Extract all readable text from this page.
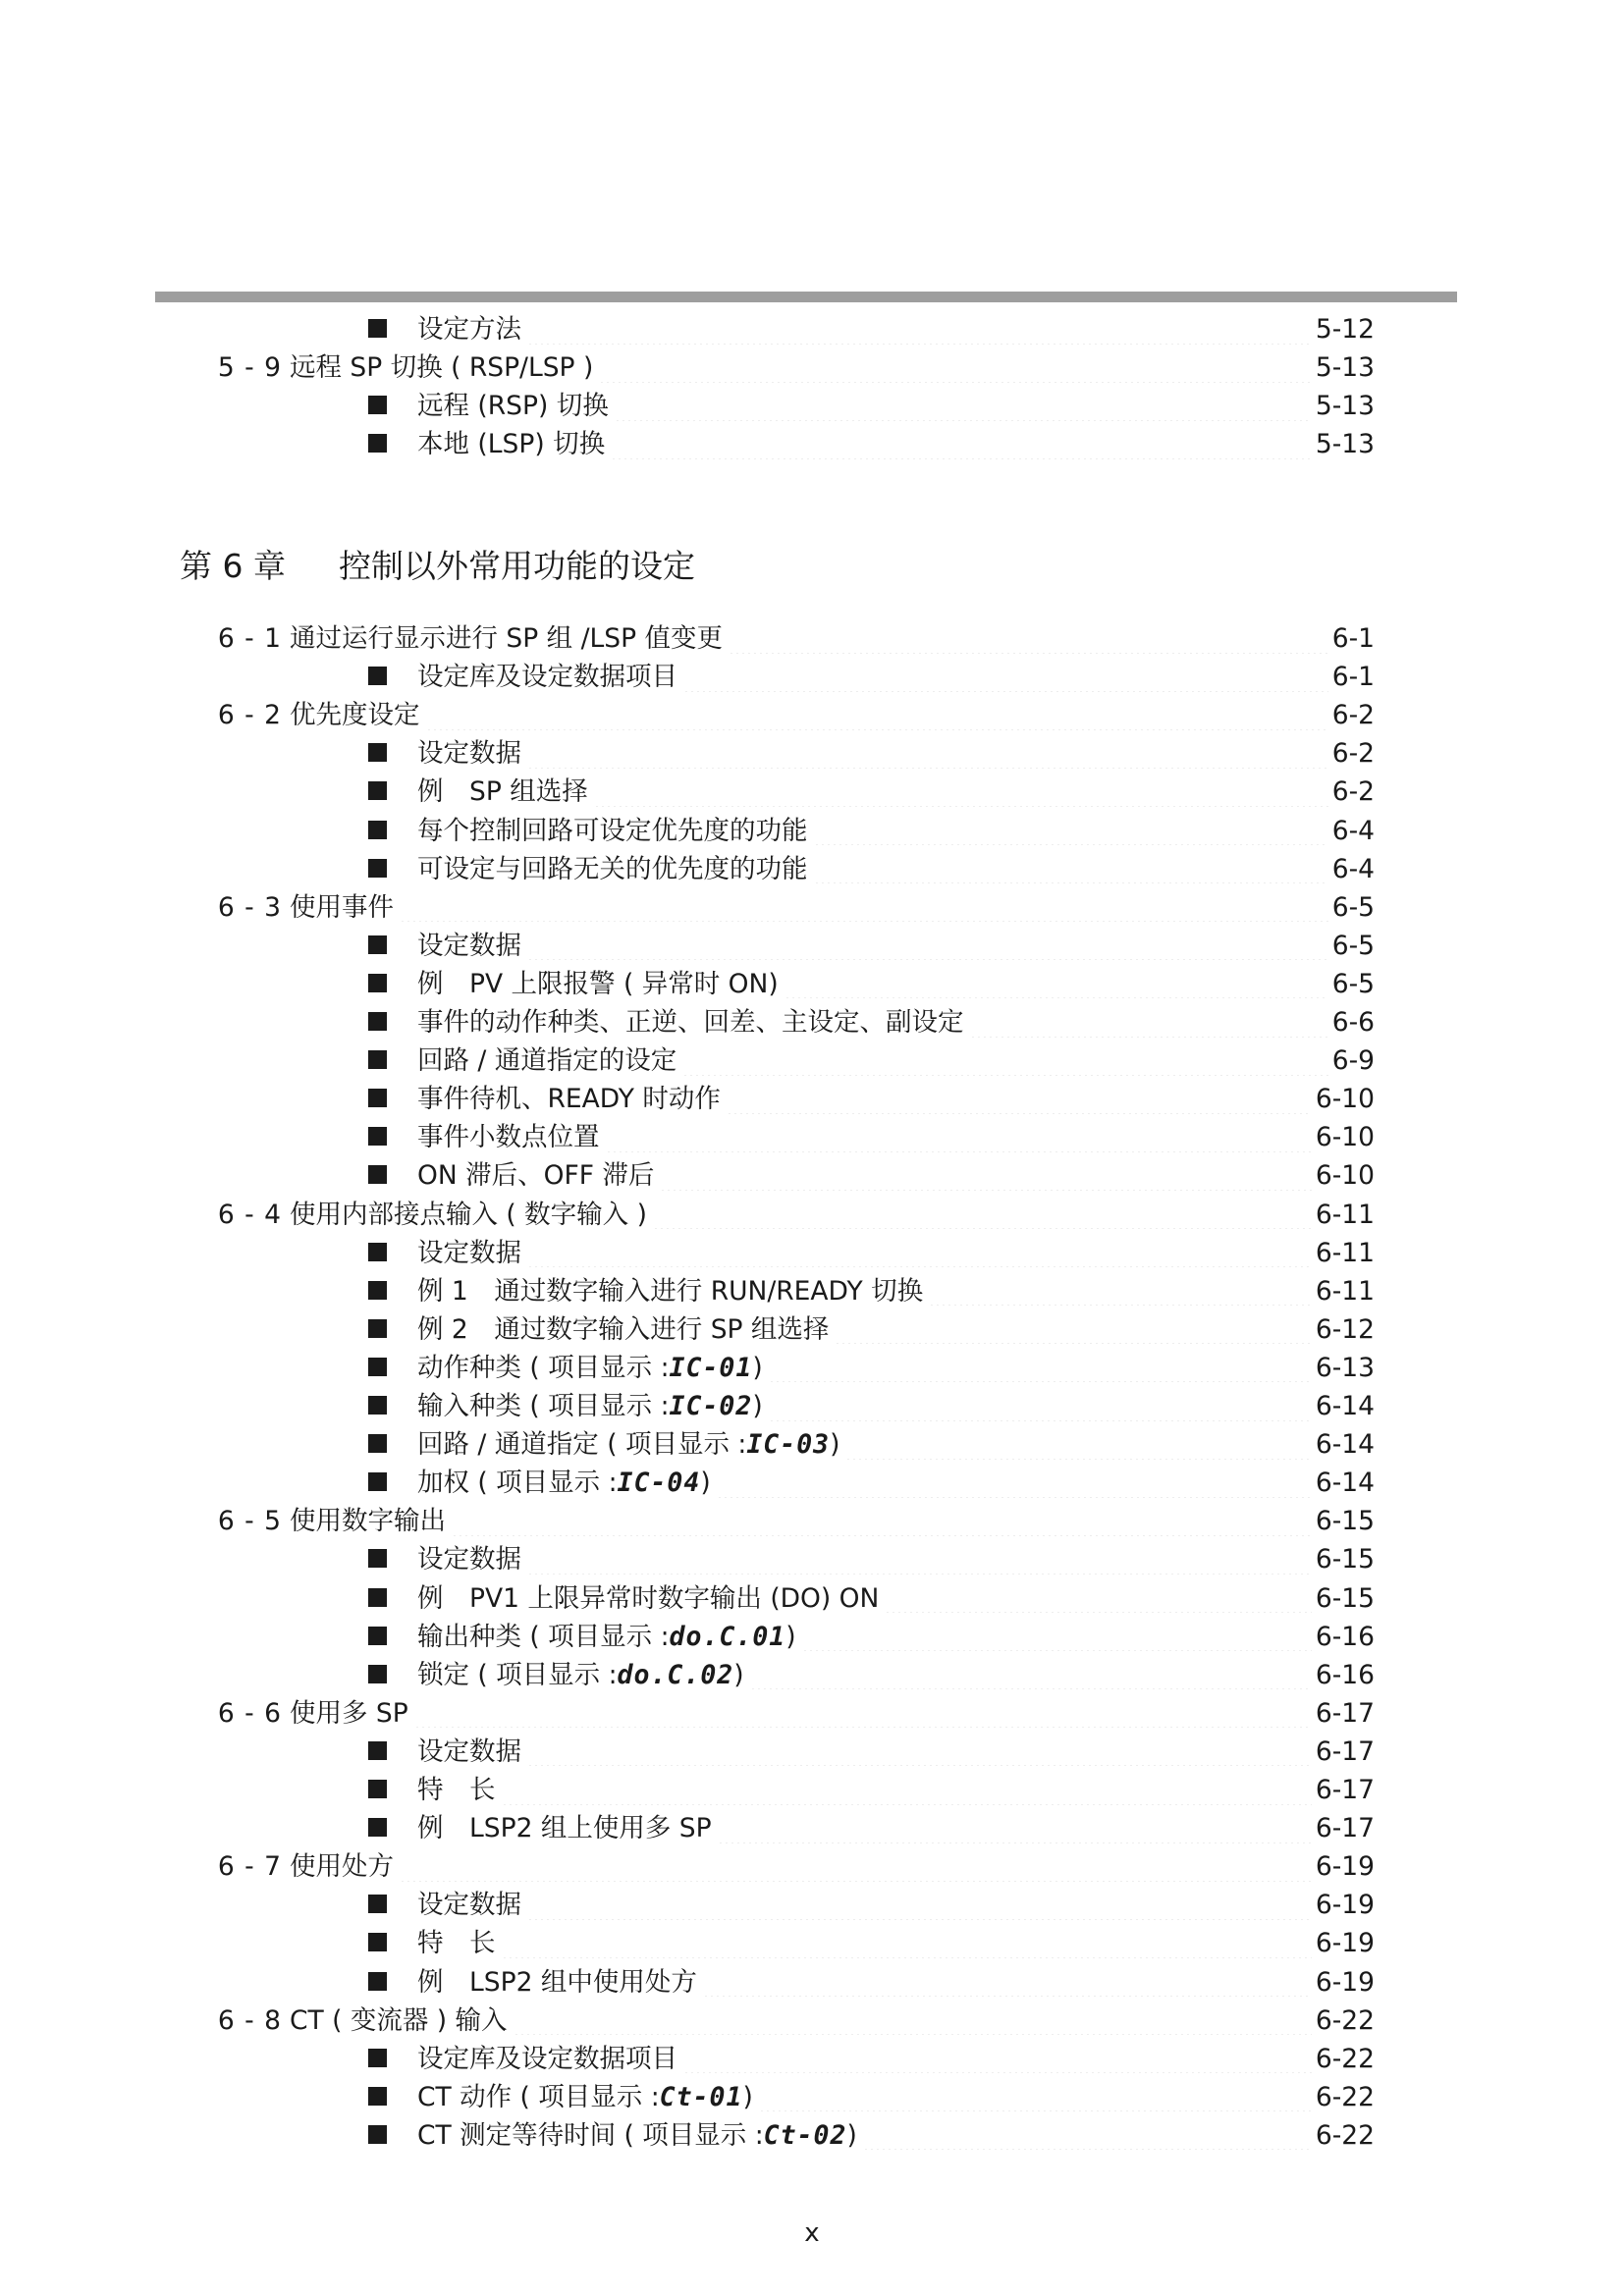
设定方法	5-12
5 - 9 远程 SP 切换 ( RSP/LSP )	5-13
远程 (RSP) 切换	5-13
本地 (LSP) 切换	5-13
6 - 1 通过运行显示进行 SP 组 /LSP 值变更	6-1
设定库及设定数据项目	6-1
6 - 2 优先度设定	6-2
设定数据	6-2
例　SP 组选择	6-2
每个控制回路可设定优先度的功能	6-4
可设定与回路无关的优先度的功能	6-4
6 - 3 使用事件	6-5
设定数据	6-5
例　PV 上限报警 ( 异常时 ON)	6-5
事件的动作种类、正逆、回差、主设定、副设定	6-6
回路 / 通道指定的设定	6-9
事件待机、READY 时动作	6-10
事件小数点位置	6-10
ON 滞后、OFF 滞后	6-10
6 - 4 使用内部接点输入 ( 数字输入 )	6-11
设定数据	6-11
例 1　通过数字输入进行 RUN/READY 切换	6-11
例 2　通过数字输入进行 SP 组选择	6-12
动作种类 ( 项目显示 :IC-01)	6-13
输入种类 ( 项目显示 :IC-02)	6-14
回路 / 通道指定 ( 项目显示 :IC-03)	6-14
加权 ( 项目显示 :IC-04)	6-14
6 - 5 使用数字输出	6-15
设定数据	6-15
例　PV1 上限异常时数字输出 (DO) ON	6-15
输出种类 ( 项目显示 :do.C.01)	6-16
锁定 ( 项目显示 :do.C.02)	6-16
6 - 6 使用多 SP	6-17
设定数据	6-17
特　长	6-17
例　LSP2 组上使用多 SP	6-17
6 - 7 使用处方	6-19
设定数据	6-19
特　长	6-19
例　LSP2 组中使用处方	6-19
6 - 8 CT ( 变流器 ) 输入	6-22
设定库及设定数据项目	6-22
CT 动作 ( 项目显示 :Ct-01)	6-22
CT 测定等待时间 ( 项目显示 :Ct-02)	6-22
第 6 章	控制以外常用功能的设定
x
